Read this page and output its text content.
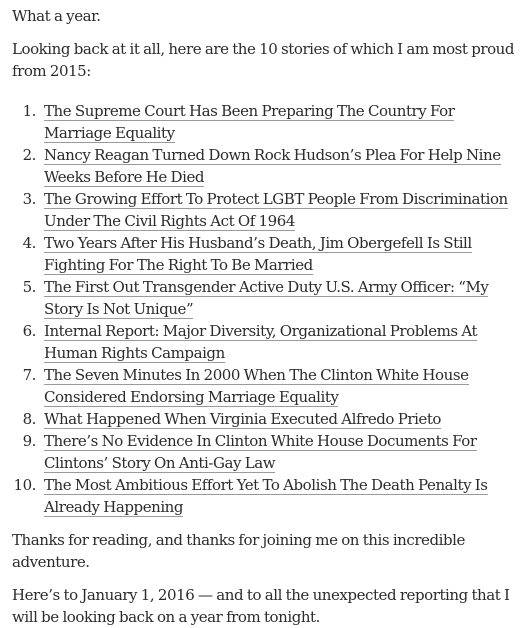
What a year.

Looking back at it all, here are the 10 stories of which I am most proud from 2015:

1. The Supreme Court Has Been Preparing The Country For Marriage Equality
2. Nancy Reagan Turned Down Rock Hudson’s Plea For Help Nine Weeks Before He Died
3. The Growing Effort To Protect LGBT People From Discrimination Under The Civil Rights Act Of 1964
4. Two Years After His Husband’s Death, Jim Obergefell Is Still Fighting For The Right To Be Married
5. The First Out Transgender Active Duty U.S. Army Officer: “My Story Is Not Unique”
6. Internal Report: Major Diversity, Organizational Problems At Human Rights Campaign
7. The Seven Minutes In 2000 When The Clinton White House Considered Endorsing Marriage Equality
8. What Happened When Virginia Executed Alfredo Prieto
9. There’s No Evidence In Clinton White House Documents For Clintons’ Story On Anti-Gay Law
10. The Most Ambitious Effort Yet To Abolish The Death Penalty Is Already Happening

Thanks for reading, and thanks for joining me on this incredible adventure.

Here’s to January 1, 2016 — and to all the unexpected reporting that I will be looking back on a year from tonight.
